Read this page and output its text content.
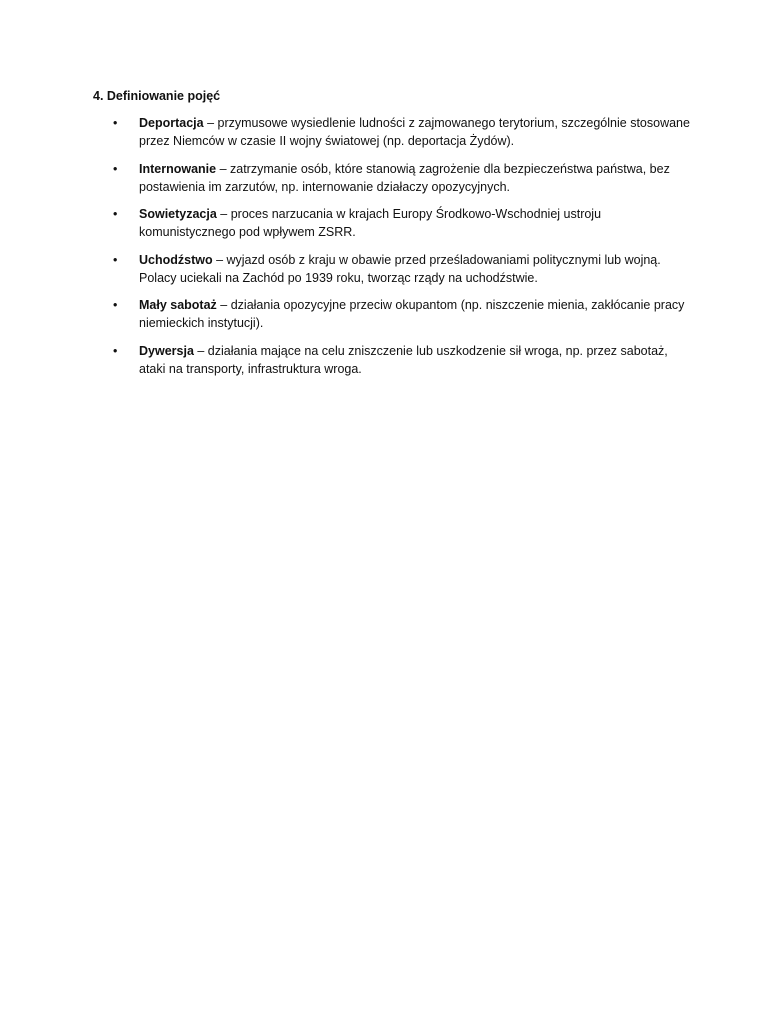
4. Definiowanie pojęć
• Deportacja – przymusowe wysiedlenie ludności z zajmowanego terytorium, szczególnie stosowane przez Niemców w czasie II wojny światowej (np. deportacja Żydów).
• Internowanie – zatrzymanie osób, które stanowią zagrożenie dla bezpieczeństwa państwa, bez postawienia im zarzutów, np. internowanie działaczy opozycyjnych.
• Sowietyzacja – proces narzucania w krajach Europy Środkowo-Wschodniej ustroju komunistycznego pod wpływem ZSRR.
• Uchodźstwo – wyjazd osób z kraju w obawie przed prześladowaniami politycznymi lub wojną. Polacy uciekali na Zachód po 1939 roku, tworząc rządy na uchodźstwie.
• Mały sabotaż – działania opozycyjne przeciw okupantom (np. niszczenie mienia, zakłócanie pracy niemieckich instytucji).
• Dywersja – działania mające na celu zniszczenie lub uszkodzenie sił wroga, np. przez sabotaż, ataki na transporty, infrastruktura wroga.
